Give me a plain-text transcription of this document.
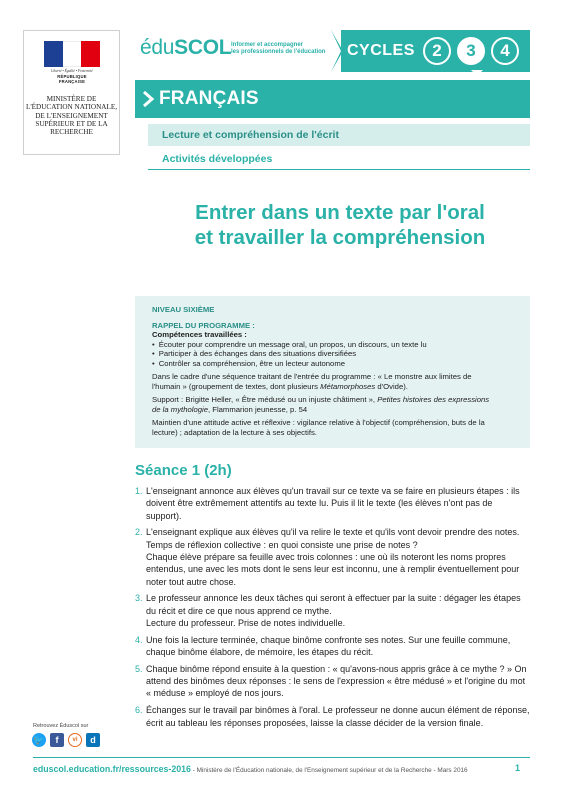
Liberté • Égalité • Fraternité
RÉPUBLIQUE FRANÇAISE
MINISTÈRE DE L'ÉDUCATION NATIONALE, DE L'ENSEIGNEMENT SUPÉRIEUR ET DE LA RECHERCHE
éduSCOL Informer et accompagner
les professionnels de l'éducation CYCLES	2	3	4
FRANÇAIS
Lecture et compréhension de l'écrit
Activités développées
Entrer dans un texte par l'oral
et travailler la compréhension
NIVEAU SIXIÈME
RAPPEL DU PROGRAMME :
Compétences travaillées :
• Écouter pour comprendre un message oral, un propos, un discours, un texte lu
• Participer à des échanges dans des situations diversifiées
• Contrôler sa compréhension, être un lecteur autonome
Dans le cadre d'une séquence traitant de l'entrée du programme : « Le monstre aux limites de l'humain » (groupement de textes, dont plusieurs Métamorphoses d'Ovide).
Support : Brigitte Heller, « Être médusé ou un injuste châtiment », Petites histoires des expressions de la mythologie, Flammarion jeunesse, p. 54
Maintien d'une attitude active et réflexive : vigilance relative à l'objectif (compréhension, buts de la lecture) ; adaptation de la lecture à ses objectifs.
Séance 1 (2h)
1. L'enseignant annonce aux élèves qu'un travail sur ce texte va se faire en plusieurs étapes : ils doivent être extrêmement attentifs au texte lu. Puis il lit le texte (les élèves n'ont pas de support).
2. L'enseignant explique aux élèves qu'il va relire le texte et qu'ils vont devoir prendre des notes. Temps de réflexion collective : en quoi consiste une prise de notes ?
Chaque élève prépare sa feuille avec trois colonnes : une où ils noteront les noms propres entendus, une avec les mots dont le sens leur est inconnu, une à remplir éventuellement pour noter tout autre chose.
3. Le professeur annonce les deux tâches qui seront à effectuer par la suite : dégager les étapes du récit et dire ce que nous apprend ce mythe.
Lecture du professeur. Prise de notes individuelle.
4. Une fois la lecture terminée, chaque binôme confronte ses notes. Sur une feuille commune, chaque binôme élabore, de mémoire, les étapes du récit.
5. Chaque binôme répond ensuite à la question : « qu'avons-nous appris grâce à ce mythe ? » On attend des binômes deux réponses : le sens de l'expression « être médusé » et l'origine du mot « méduse » employé de nos jours.
6. Échanges sur le travail par binômes à l'oral. Le professeur ne donne aucun élément de réponse, écrit au tableau les réponses proposées, laisse la classe décider de la version finale.
Retrouvez Éduscol sur
🐦	f	vi	d
eduscol.education.fr/ressources-2016 - Ministère de l'Éducation nationale, de l'Enseignement supérieur et de la Recherche - Mars 2016	1
